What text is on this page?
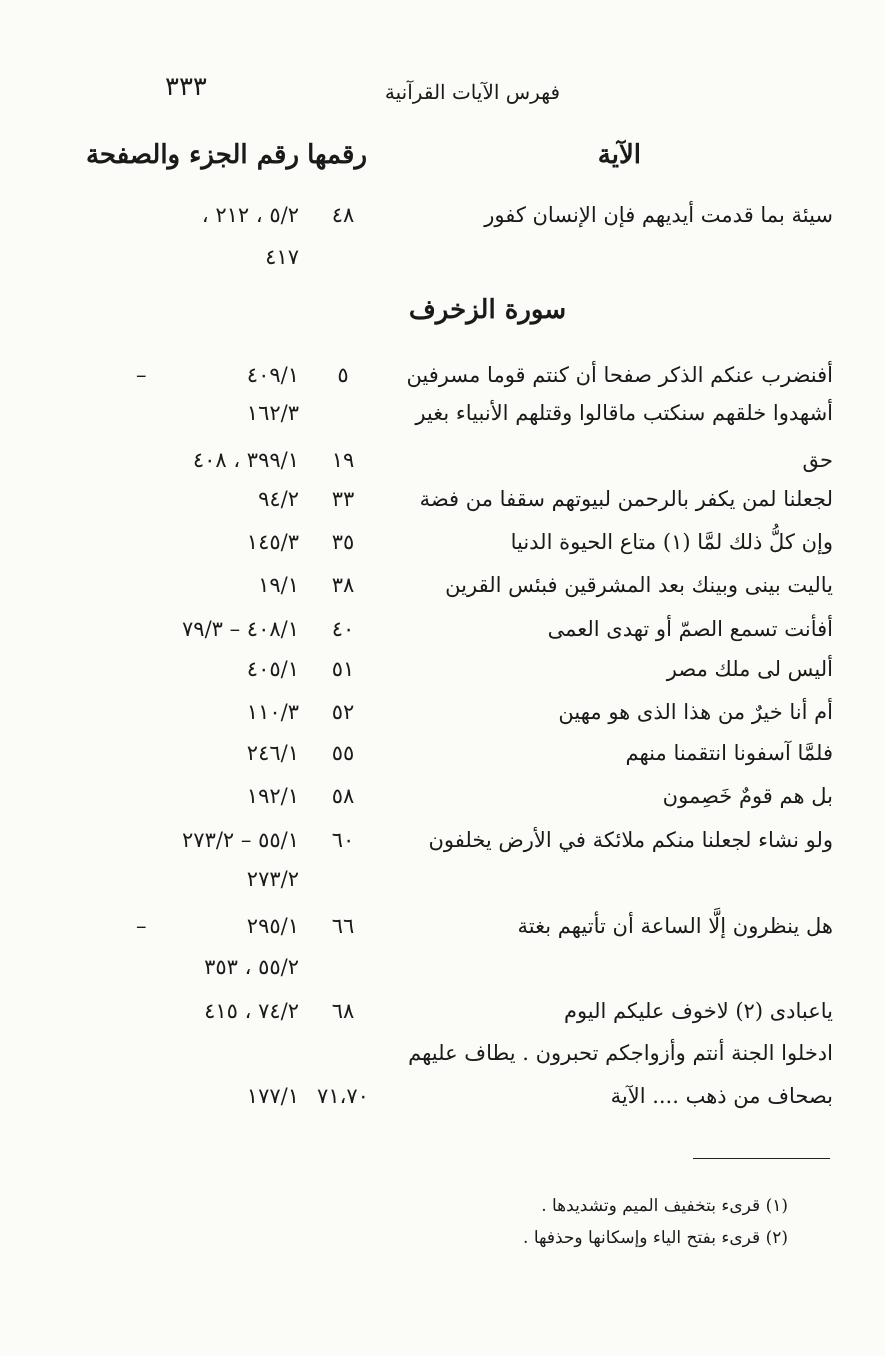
فهرس الآيات القرآنية
٣٣٣
الآية
رقمها
رقم الجزء والصفحة
سيئة بما قدمت أيديهم فإن الإنسان كفور
٤٨
٥/٢ ، ٢١٢ ،
٤١٧
سورة الزخرف
أفنضرب عنكم الذكر صفحا أن كنتم قوما مسرفين
٥
٤٠٩/١
–
أشهدوا خلقهم سنكتب ماقالوا وقتلهم الأنبياء بغير
١٦٢/٣
حق
١٩
٣٩٩/١ ، ٤٠٨
لجعلنا لمن يكفر بالرحمن لبيوتهم سقفا من فضة
٣٣
٩٤/٢
وإن كلُّ ذلك لمَّا (١) متاع الحيوة الدنيا
٣٥
١٤٥/٣
ياليت بينى وبينك بعد المشرقين فبئس القرين
٣٨
١٩/١
أفأنت تسمع الصمّ أو تهدى العمى
٤٠
٤٠٨/١ – ٧٩/٣
أليس لى ملك مصر
٥١
٤٠٥/١
أم أنا خيرٌ من هذا الذى هو مهين
٥٢
١١٠/٣
فلمَّا آسفونا انتقمنا منهم
٥٥
٢٤٦/١
بل هم قومٌ خَصِمون
٥٨
١٩٢/١
ولو نشاء لجعلنا منكم ملائكة في الأرض يخلفون
٦٠
٥٥/١ – ٢٧٣/٢
٢٧٣/٢
هل ينظرون إلَّا الساعة أن تأتيهم بغتة
٦٦
٢٩٥/١
–
٥٥/٢ ، ٣٥٣
ياعبادى (٢) لاخوف عليكم اليوم
٦٨
٧٤/٢ ، ٤١٥
ادخلوا الجنة أنتم وأزواجكم تحبرون . يطاف عليهم
بصحاف من ذهب .... الآية
٧١،٧٠
١٧٧/١
(١) قرىء بتخفيف الميم وتشديدها .
(٢) قرىء بفتح الياء وإسكانها وحذفها .
